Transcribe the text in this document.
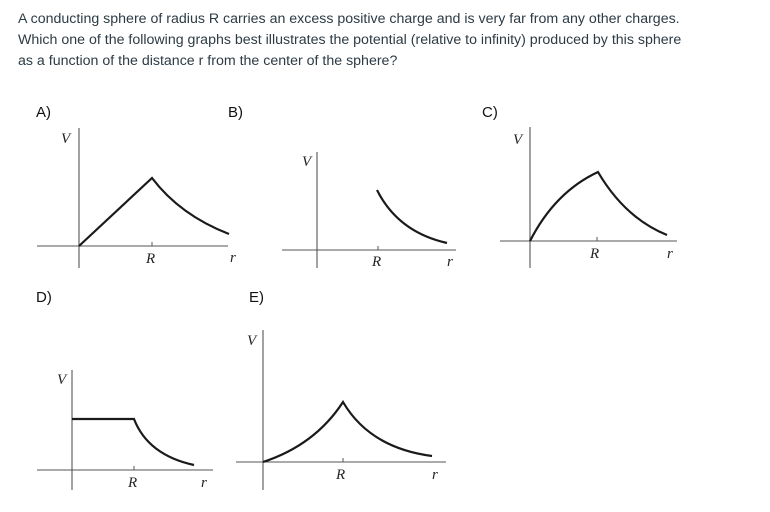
A conducting sphere of radius R carries an excess positive charge and is very far from any other charges.

Which one of the following graphs best illustrates the potential (relative to infinity) produced by this sphere

as a function of the distance r from the center of the sphere?

A)	B)	C)
D)	E)
V
R	r
V
R	r
V
R	r
V
R	r
V
R	r
